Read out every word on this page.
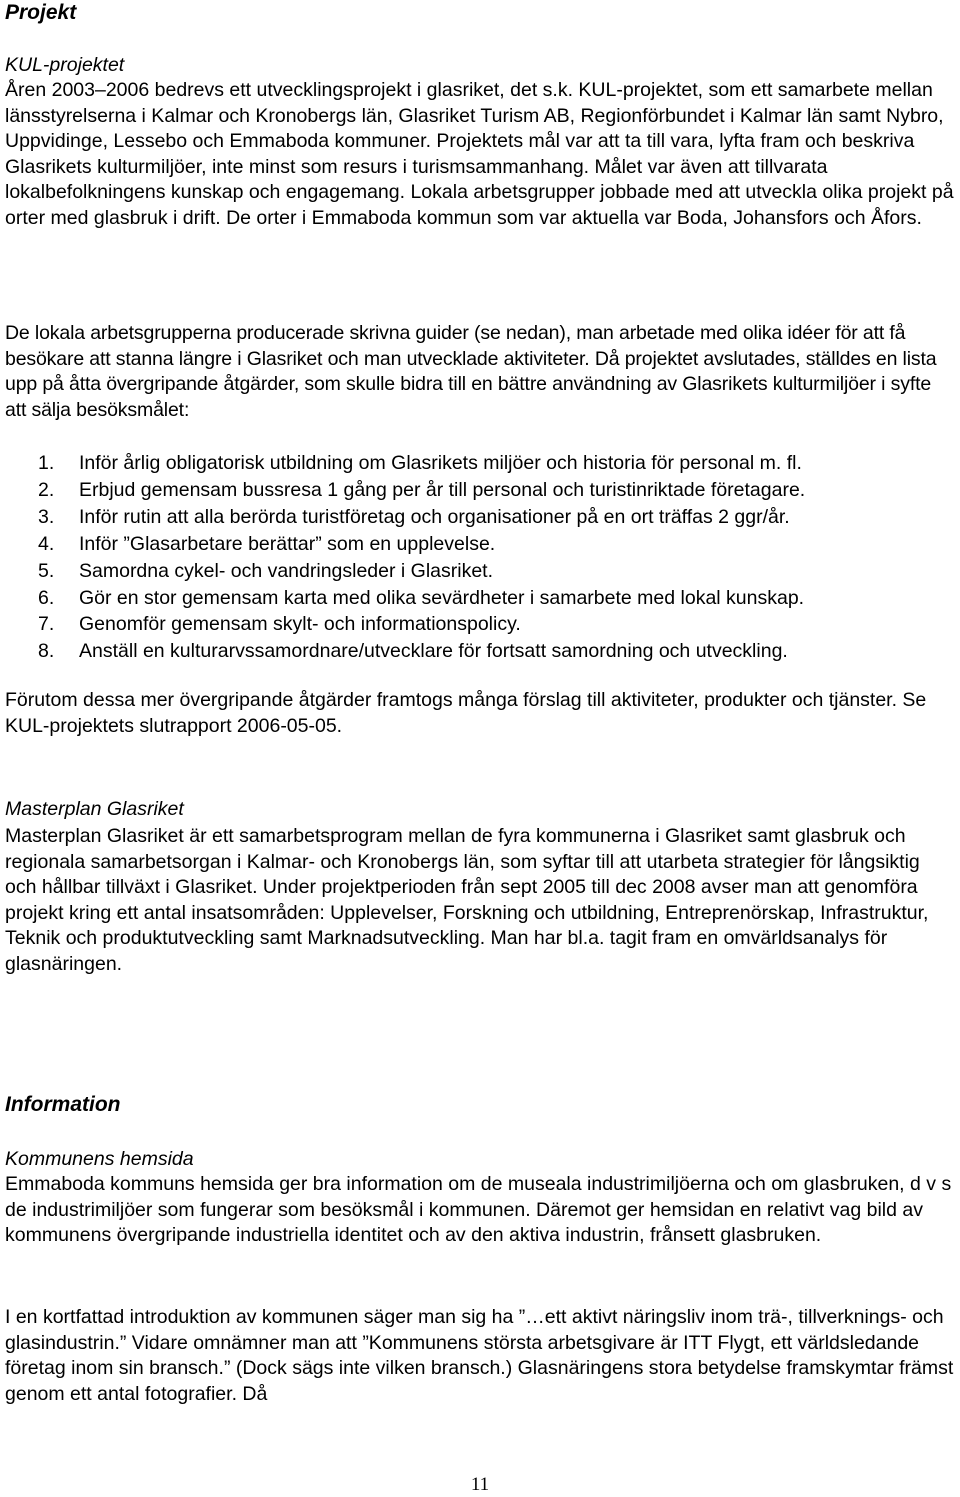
Projekt

KUL-projektet

Åren 2003–2006 bedrevs ett utvecklingsprojekt i glasriket, det s.k. KUL-projektet, som ett samarbete mellan länsstyrelserna i Kalmar och Kronobergs län, Glasriket Turism AB, Regionförbundet i Kalmar län samt Nybro, Uppvidinge, Lessebo och Emmaboda kommuner. Projektets mål var att ta till vara, lyfta fram och beskriva Glasrikets kulturmiljöer, inte minst som resurs i turismsammanhang. Målet var även att tillvarata lokalbefolkningens kunskap och engagemang. Lokala arbetsgrupper jobbade med att utveckla olika projekt på orter med glasbruk i drift. De orter i Emmaboda kommun som var aktuella var Boda, Johansfors och Åfors.

De lokala arbetsgrupperna producerade skrivna guider (se nedan), man arbetade med olika idéer för att få besökare att stanna längre i Glasriket och man utvecklade aktiviteter. Då projektet avslutades, ställdes en lista upp på åtta övergripande åtgärder, som skulle bidra till en bättre användning av Glasrikets kulturmiljöer i syfte att sälja besöksmålet:

1.	Inför årlig obligatorisk utbildning om Glasrikets miljöer och historia för personal m. fl.
2.	Erbjud gemensam bussresa 1 gång per år till personal och turistinriktade företagare.
3.	Inför rutin att alla berörda turistföretag och organisationer på en ort träffas 2 ggr/år.
4.	Inför ”Glasarbetare berättar” som en upplevelse.
5.	Samordna cykel- och vandringsleder i Glasriket.
6.	Gör en stor gemensam karta med olika sevärdheter i samarbete med lokal kunskap.
7.	Genomför gemensam skylt- och informationspolicy.
8.	Anställ en kulturarvssamordnare/utvecklare för fortsatt samordning och utveckling.

Förutom dessa mer övergripande åtgärder framtogs många förslag till aktiviteter, produkter och tjänster. Se KUL-projektets slutrapport 2006-05-05.

Masterplan Glasriket

Masterplan Glasriket är ett samarbetsprogram mellan de fyra kommunerna i Glasriket samt glasbruk och regionala samarbetsorgan i Kalmar- och Kronobergs län, som syftar till att utarbeta strategier för långsiktig och hållbar tillväxt i Glasriket. Under projektperioden från sept 2005 till dec 2008 avser man att genomföra projekt kring ett antal insatsområden: Upplevelser, Forskning och utbildning, Entreprenörskap, Infrastruktur, Teknik och produktutveckling samt Marknadsutveckling. Man har bl.a. tagit fram en omvärldsanalys för glasnäringen.

Information

Kommunens hemsida

Emmaboda kommuns hemsida ger bra information om de museala industrimiljöerna och om glasbruken, d v s de industrimiljöer som fungerar som besöksmål i kommunen. Däremot ger hemsidan en relativt vag bild av kommunens övergripande industriella identitet och av den aktiva industrin, frånsett glasbruken.

I en kortfattad introduktion av kommunen säger man sig ha ”…ett aktivt näringsliv inom trä-, tillverknings- och glasindustrin.” Vidare omnämner man att ”Kommunens största arbetsgivare är ITT Flygt, ett världsledande företag inom sin bransch.” (Dock sägs inte vilken bransch.) Glasnäringens stora betydelse framskymtar främst genom ett antal fotografier. Då

11
